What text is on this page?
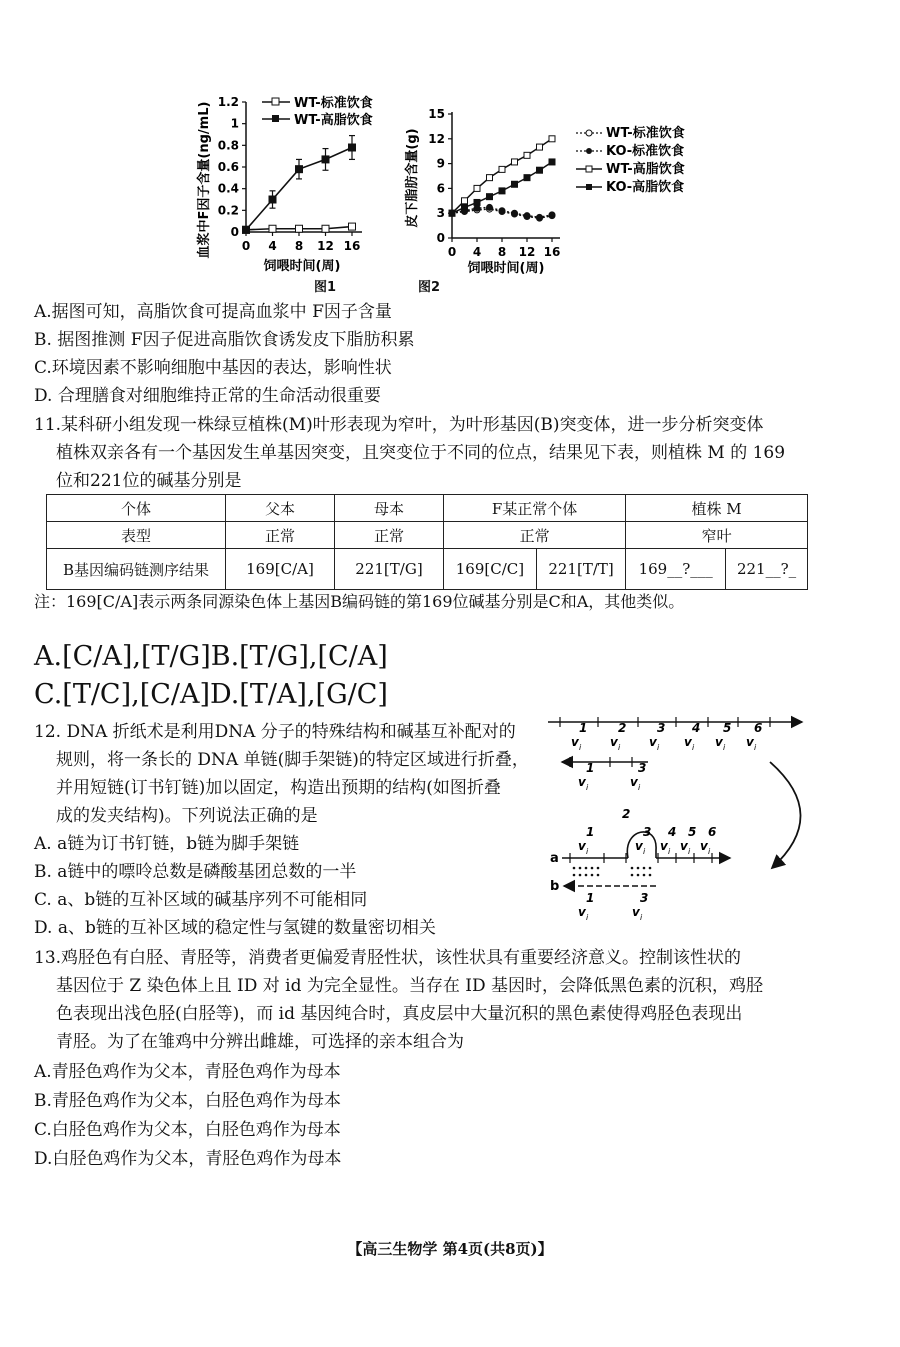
血浆中F因子含量(ng/mL) 0
0.2
0.4
0.6
0.8
1
1.2
0 4 8 12 16
饲喂时间(周)
WT-标准饮食
WT-高脂饮食
图2
皮下脂肪含量(g)
0
3
6
9
12
15
0 4 8 12 16
饲喂时间(周)
WT-标准饮食
KO-标准饮食
WT-高脂饮食
KO-高脂饮食
图1
A.据图可知，高脂饮食可提高血浆中 F因子含量
B. 据图推测 F因子促进高脂饮食诱发皮下脂肪积累
C.环境因素不影响细胞中基因的表达，影响性状
D. 合理膳食对细胞维持正常的生命活动很重要
11.某科研小组发现一株绿豆植株(M)叶形表现为窄叶，为叶形基因(B)突变体，进一步分析突变体
植株双亲各有一个基因发生单基因突变，且突变位于不同的位点，结果见下表，则植株 M 的 169
位和221位的碱基分别是
个体	父本	母本	F某正常个体		植株 M	
表型	正常	正常	正常		窄叶	
B基因编码链测序结果	169[C/A]	221[T/G]	169[C/C]	221[T/T]	169__?___	221__?_
注：169[C/A]表示两条同源染色体上基因B编码链的第169位碱基分别是C和A，其他类似。
A.[C/A],[T/G]B.[T/G],[C/A]
C.[T/C],[C/A]D.[T/A],[G/C]
12. DNA 折纸术是利用DNA 分子的特殊结构和碱基互补配对的
规则，将一条长的 DNA 单链(脚手架链)的特定区域进行折叠，
并用短链(订书钉链)加以固定，构造出预期的结构(如图折叠
成的发夹结构)。下列说法正确的是
A. a链为订书钉链，b链为脚手架链
B. a链中的嘌呤总数是磷酸基团总数的一半
C. a、b链的互补区域的碱基序列不可能相同
D. a、b链的互补区域的稳定性与氢键的数量密切相关
1
v i
2
v i
3
v i
4
v i
5
v i
6
v i
1
v i
3
v i
a
1
v i
2
3
v i
4
v i
5
v i
6
v i
b
1
v i
3
v i
13.鸡胫色有白胫、青胫等，消费者更偏爱青胫性状，该性状具有重要经济意义。控制该性状的
基因位于 Z 染色体上且 ID 对 id 为完全显性。当存在 ID 基因时，会降低黑色素的沉积，鸡胫
色表现出浅色胫(白胫等)，而 id 基因纯合时，真皮层中大量沉积的黑色素使得鸡胫色表现出
青胫。为了在雏鸡中分辨出雌雄，可选择的亲本组合为
A.青胫色鸡作为父本，青胫色鸡作为母本
B.青胫色鸡作为父本，白胫色鸡作为母本
C.白胫色鸡作为父本，白胫色鸡作为母本
D.白胫色鸡作为父本，青胫色鸡作为母本
【高三生物学 第4页(共8页)】
